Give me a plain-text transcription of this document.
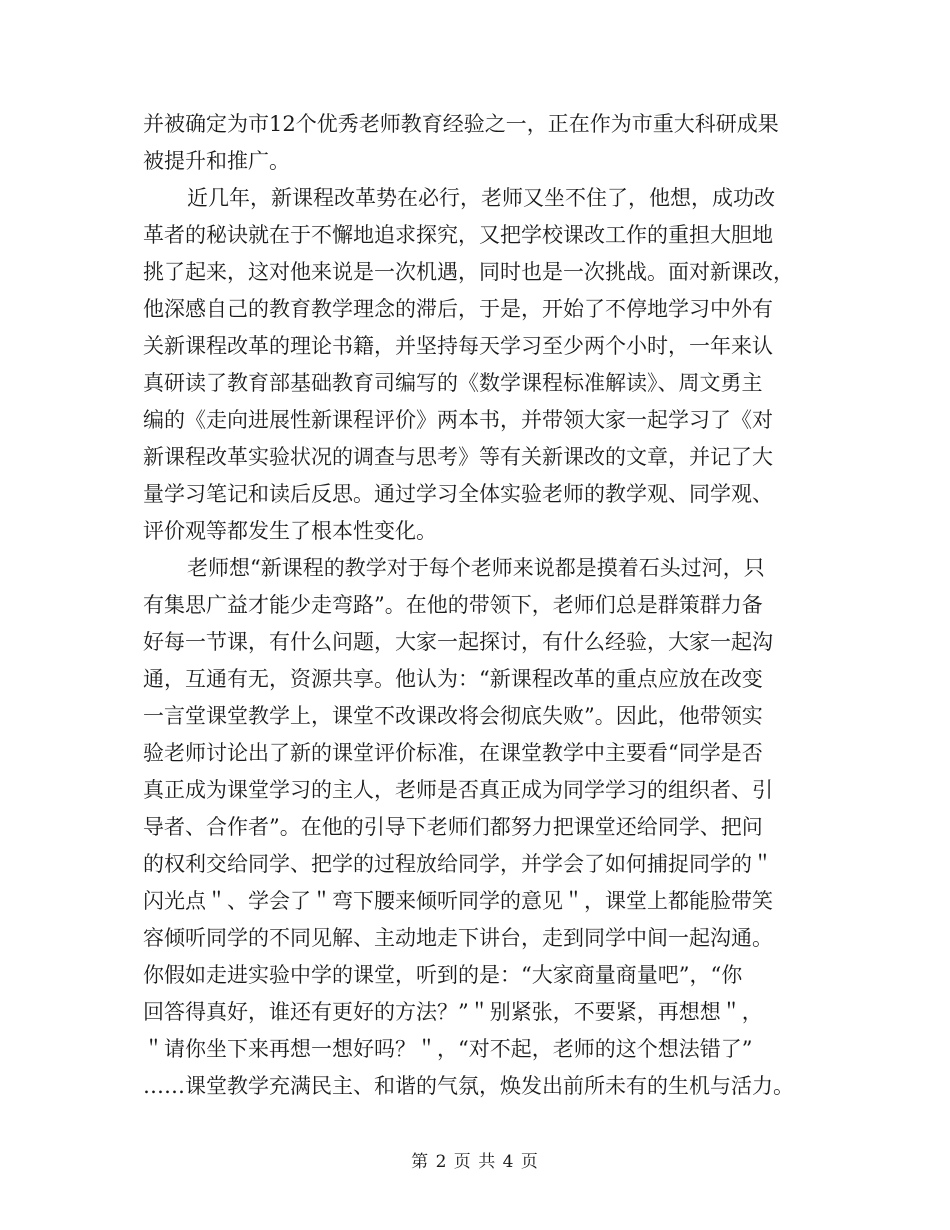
并被确定为市12个优秀老师教育经验之一，正在作为市重大科研成果
被提升和推广。
近几年，新课程改革势在必行，老师又坐不住了，他想，成功改
革者的秘诀就在于不懈地追求探究，又把学校课改工作的重担大胆地
挑了起来，这对他来说是一次机遇，同时也是一次挑战。面对新课改，
他深感自己的教育教学理念的滞后，于是，开始了不停地学习中外有
关新课程改革的理论书籍，并坚持每天学习至少两个小时，一年来认
真研读了教育部基础教育司编写的《数学课程标准解读》、周文勇主
编的《走向进展性新课程评价》两本书，并带领大家一起学习了《对
新课程改革实验状况的调查与思考》等有关新课改的文章，并记了大
量学习笔记和读后反思。通过学习全体实验老师的教学观、同学观、
评价观等都发生了根本性变化。
老师想“新课程的教学对于每个老师来说都是摸着石头过河，只
有集思广益才能少走弯路”。在他的带领下，老师们总是群策群力备
好每一节课，有什么问题，大家一起探讨，有什么经验，大家一起沟
通，互通有无，资源共享。他认为：“新课程改革的重点应放在改变
一言堂课堂教学上，课堂不改课改将会彻底失败”。因此，他带领实
验老师讨论出了新的课堂评价标准，在课堂教学中主要看“同学是否
真正成为课堂学习的主人，老师是否真正成为同学学习的组织者、引
导者、合作者”。在他的引导下老师们都努力把课堂还给同学、把问
的权利交给同学、把学的过程放给同学，并学会了如何捕捉同学的＂
闪光点＂、学会了＂弯下腰来倾听同学的意见＂，课堂上都能脸带笑
容倾听同学的不同见解、主动地走下讲台，走到同学中间一起沟通。
你假如走进实验中学的课堂，听到的是：“大家商量商量吧”，“你
回答得真好，谁还有更好的方法？”＂别紧张，不要紧，再想想＂，
＂请你坐下来再想一想好吗？＂，“对不起，老师的这个想法错了”
……课堂教学充满民主、和谐的气氛，焕发出前所未有的生机与活力。
第 2 页 共 4 页
